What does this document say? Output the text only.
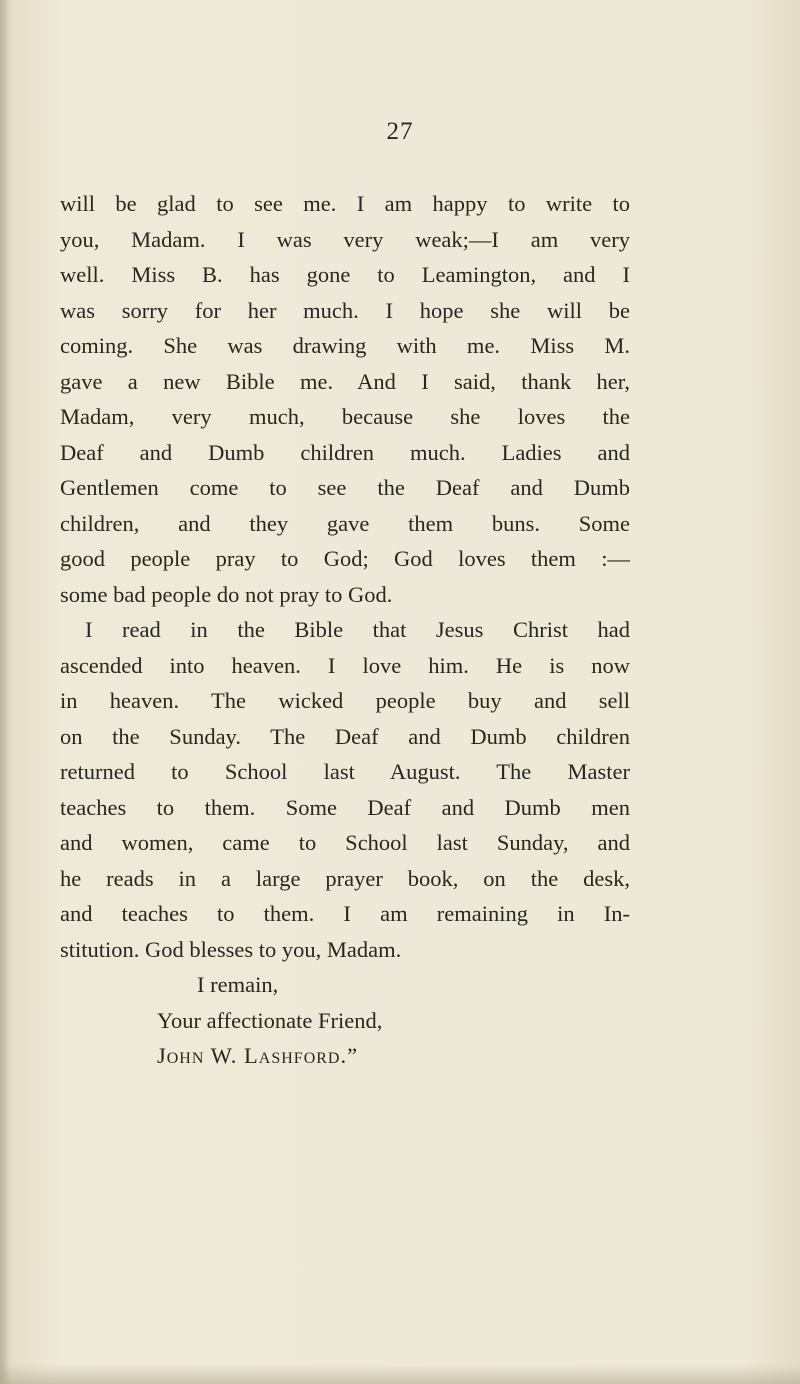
27
will be glad to see me. I am happy to write to
you, Madam. I was very weak;—I am very
well. Miss B. has gone to Leamington, and I
was sorry for her much. I hope she will be
coming. She was drawing with me. Miss M.
gave a new Bible me. And I said, thank her,
Madam, very much, because she loves the
Deaf and Dumb children much. Ladies and
Gentlemen come to see the Deaf and Dumb
children, and they gave them buns. Some
good people pray to God; God loves them :—
some bad people do not pray to God.
I read in the Bible that Jesus Christ had
ascended into heaven. I love him. He is now
in heaven. The wicked people buy and sell
on the Sunday. The Deaf and Dumb children
returned to School last August. The Master
teaches to them. Some Deaf and Dumb men
and women, came to School last Sunday, and
he reads in a large prayer book, on the desk,
and teaches to them. I am remaining in In-
stitution. God blesses to you, Madam.
I remain,
Your affectionate Friend,
John W. Lashford.”
